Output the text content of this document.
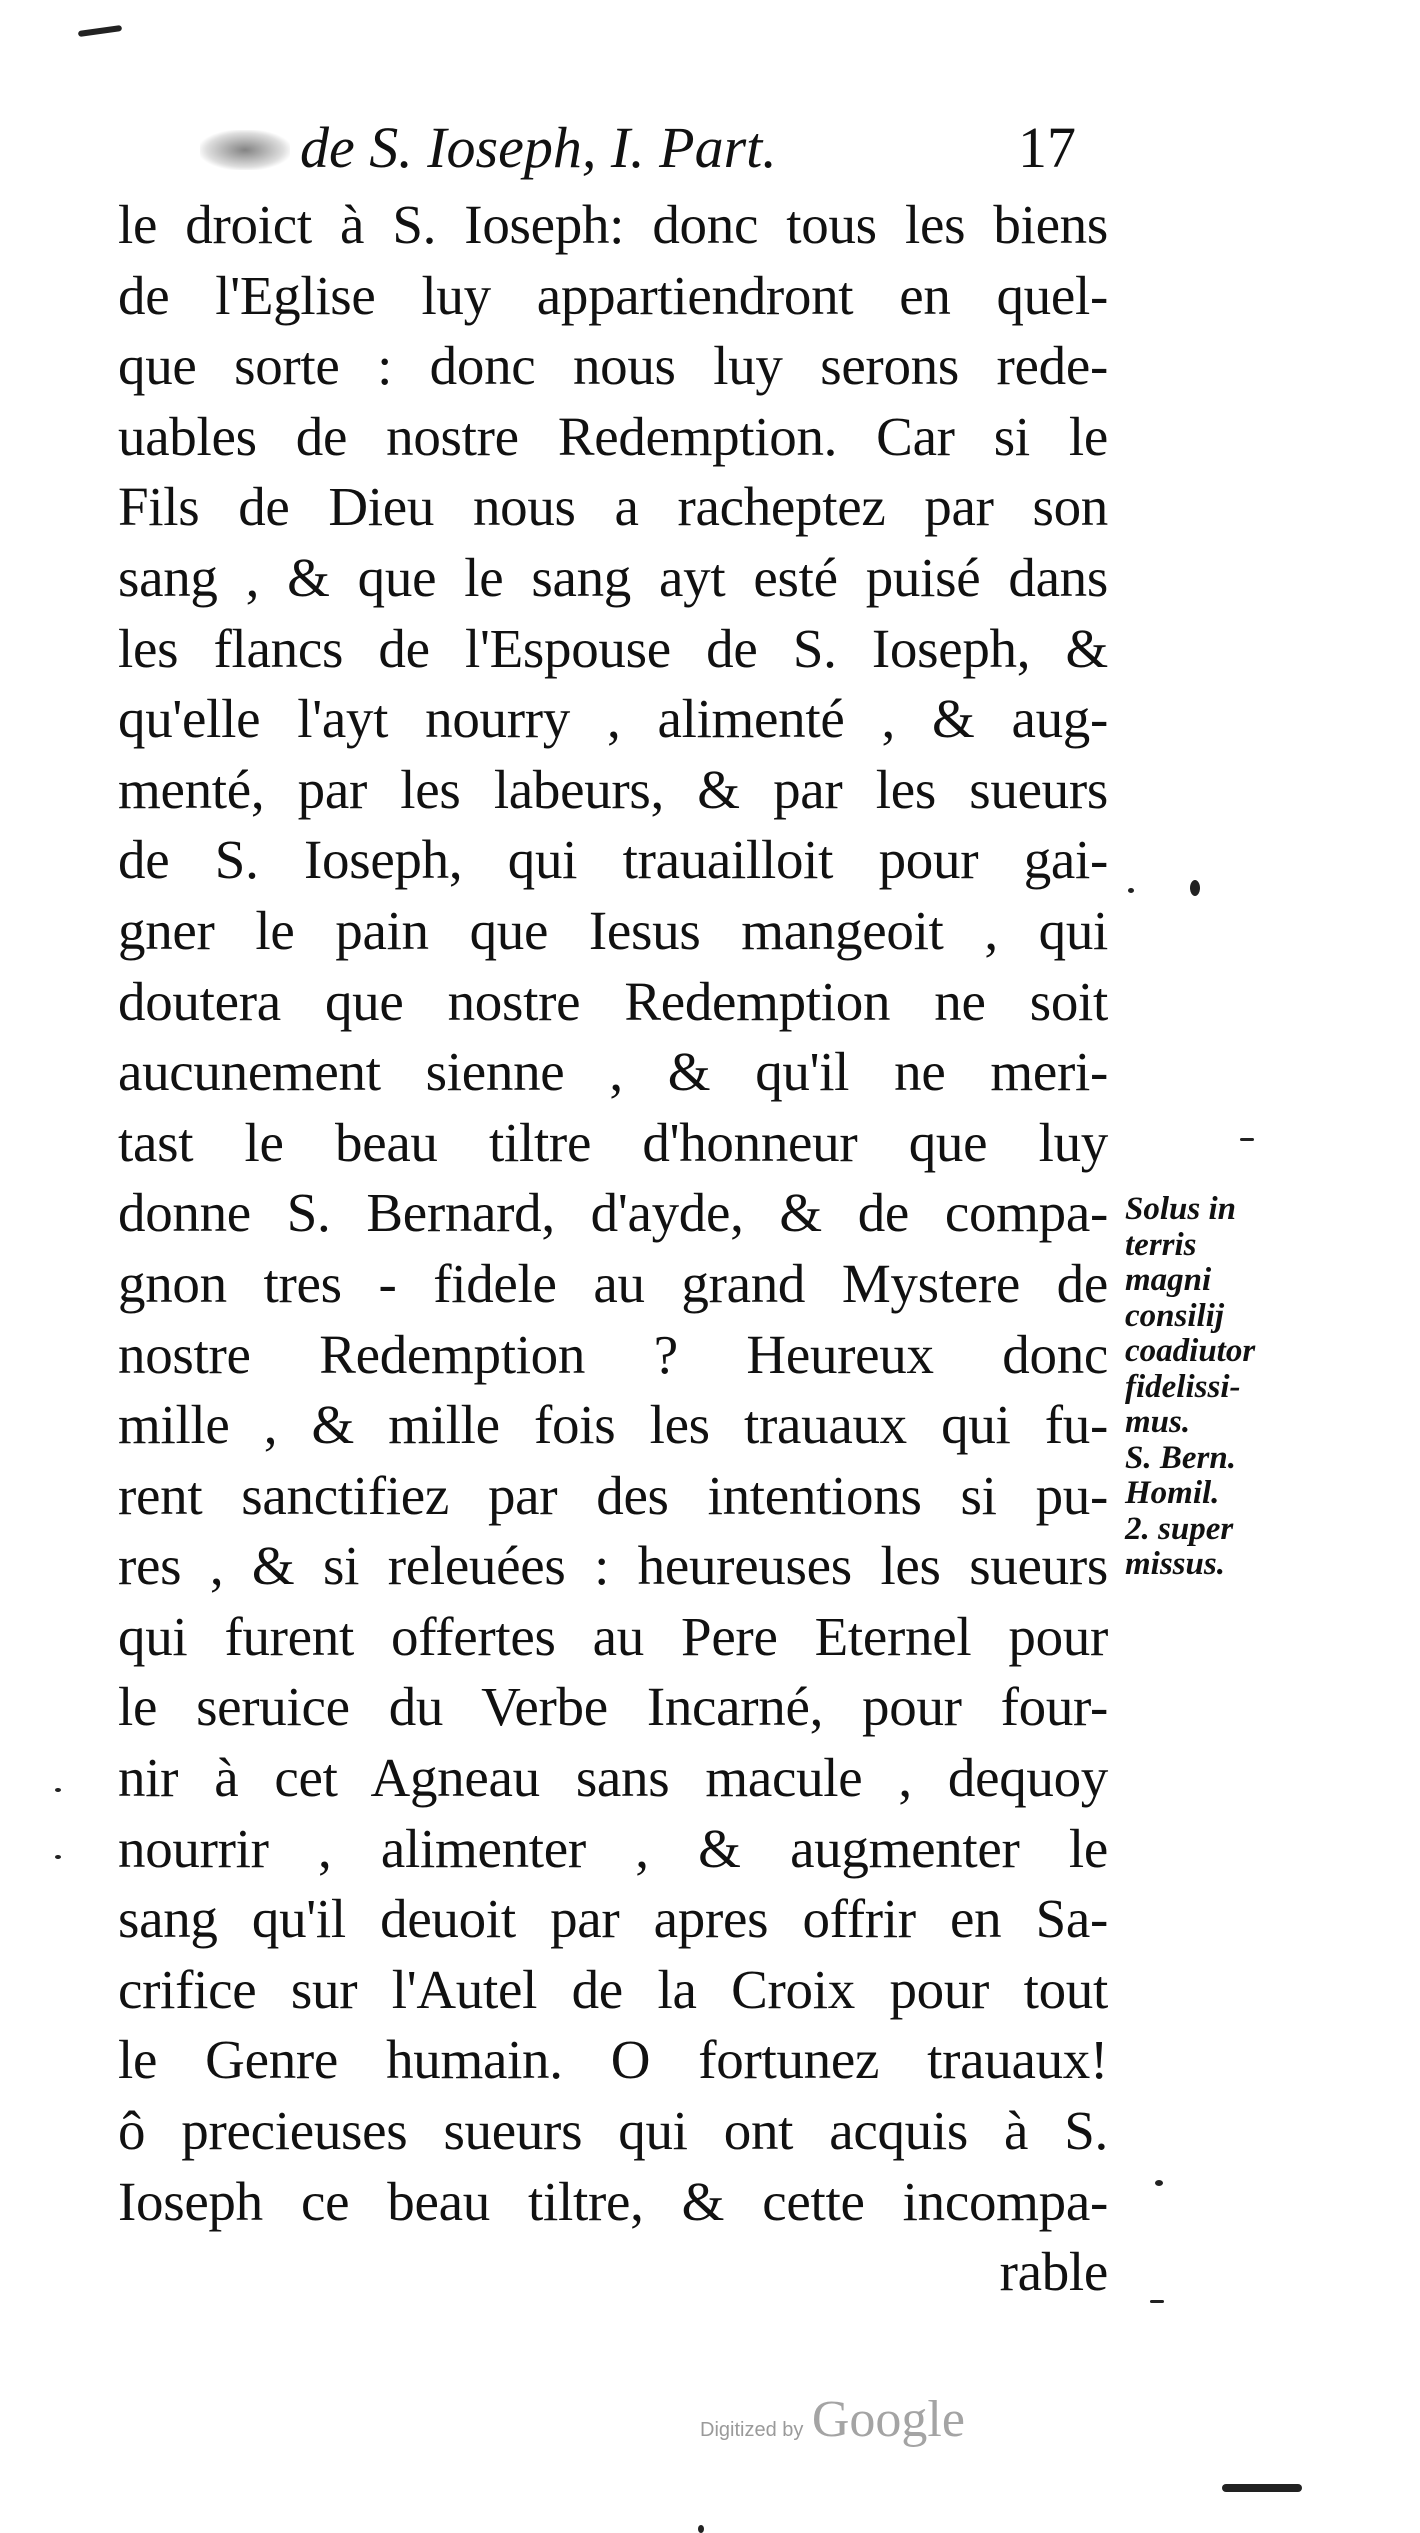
de S. Ioseph, I. Part.	17
le droict à S. Ioseph: donc tous les biens
de l'Eglise luy appartiendront en quel-
que sorte : donc nous luy serons rede-
uables de nostre Redemption. Car si le
Fils de Dieu nous a racheptez par son
sang , & que le sang ayt esté puisé dans
les flancs de l'Espouse de S. Ioseph, &
qu'elle l'ayt nourry , alimenté , & aug-
menté, par les labeurs, & par les sueurs
de S. Ioseph, qui trauailloit pour gai-
gner le pain que Iesus mangeoit , qui
doutera que nostre Redemption ne soit
aucunement sienne , & qu'il ne meri-
tast le beau tiltre d'honneur que luy
donne S. Bernard, d'ayde, & de compa-
gnon tres - fidele au grand Mystere de
nostre Redemption ? Heureux donc
mille , & mille fois les trauaux qui fu-
rent sanctifiez par des intentions si pu-
res , & si releuées : heureuses les sueurs
qui furent offertes au Pere Eternel pour
le seruice du Verbe Incarné, pour four-
nir à cet Agneau sans macule , dequoy
nourrir , alimenter , & augmenter le
sang qu'il deuoit par apres offrir en Sa-
crifice sur l'Autel de la Croix pour tout
le Genre humain. O fortunez trauaux!
ô precieuses sueurs qui ont acquis à S.
Ioseph ce beau tiltre, & cette incompa-
rable
Solus in
terris
magni
consilij
coadiutor
fidelissi-
mus.
S. Bern.
Homil.
2. super
missus.
Digitized by Google
